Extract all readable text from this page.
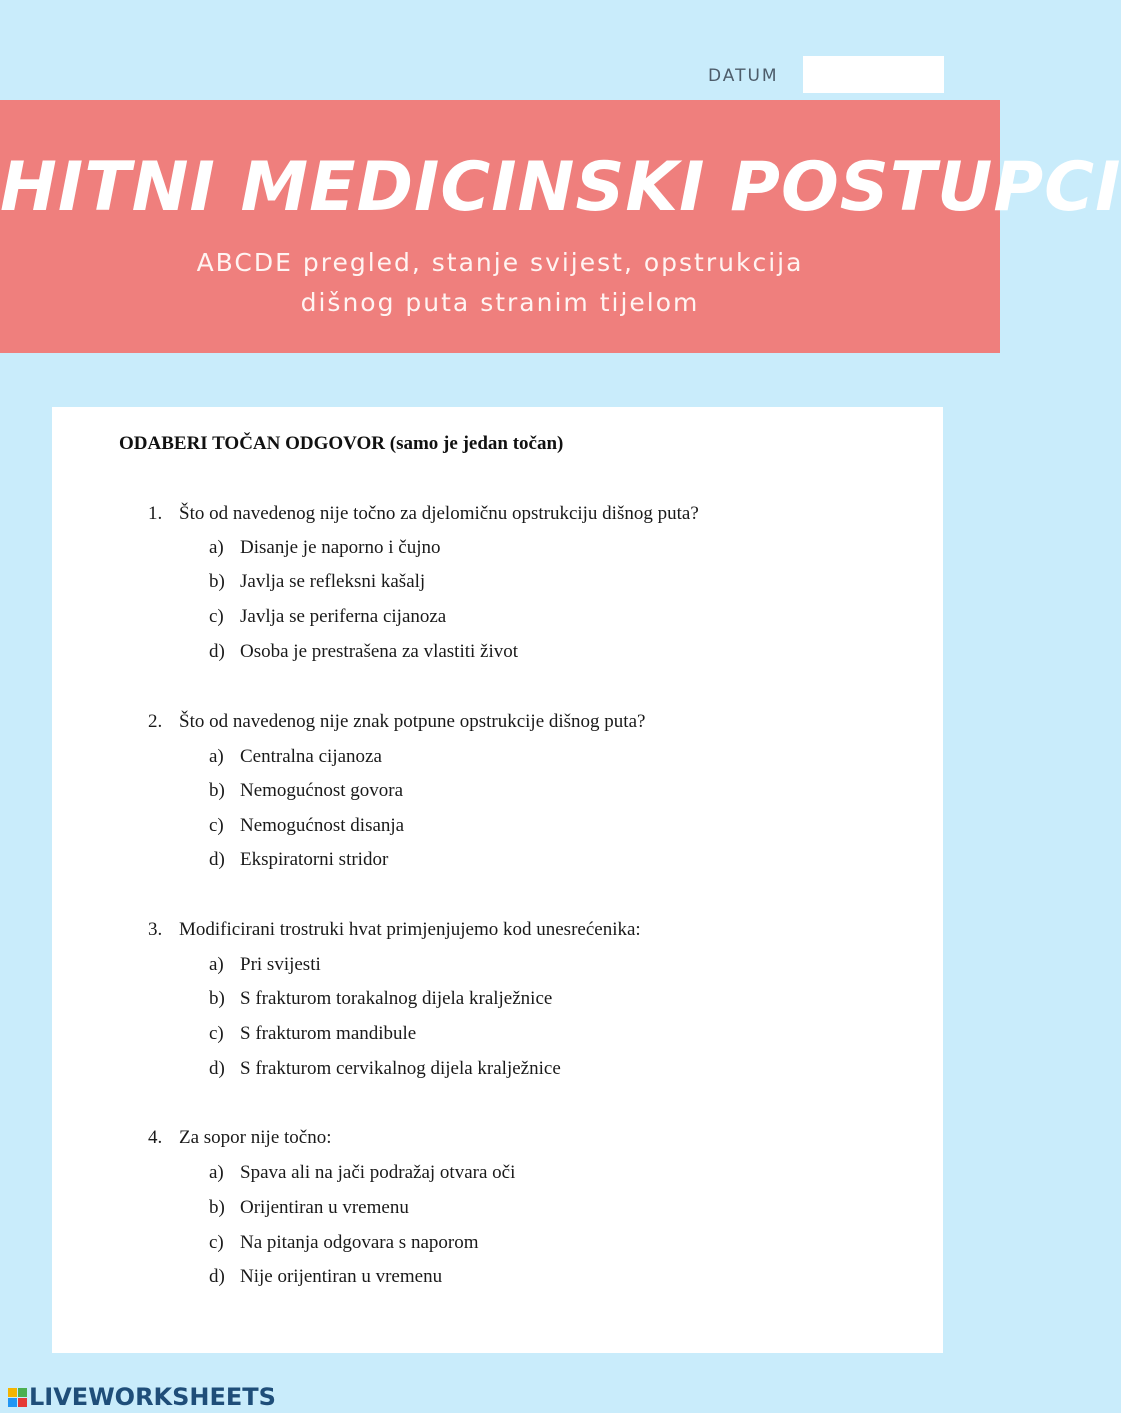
DATUM
HITNI MEDICINSKI POSTUPCI
ABCDE pregled, stanje svijest, opstrukcija
dišnog puta stranim tijelom
ODABERI TOČAN ODGOVOR (samo je jedan točan)
1. Što od navedenog nije točno za djelomičnu opstrukciju dišnog puta?
a) Disanje je naporno i čujno
b) Javlja se refleksni kašalj
c) Javlja se periferna cijanoza
d) Osoba je prestrašena za vlastiti život
2. Što od navedenog nije znak potpune opstrukcije dišnog puta?
a) Centralna cijanoza
b) Nemogućnost govora
c) Nemogućnost disanja
d) Ekspiratorni stridor
3. Modificirani trostruki hvat primjenjujemo kod unesrećenika:
a) Pri svijesti
b) S frakturom torakalnog dijela kralježnice
c) S frakturom mandibule
d) S frakturom cervikalnog dijela kralježnice
4. Za sopor nije točno:
a) Spava ali na jači podražaj otvara oči
b) Orijentiran u vremenu
c) Na pitanja odgovara s naporom
d) Nije orijentiran u vremenu
LIVEWORKSHEETS
